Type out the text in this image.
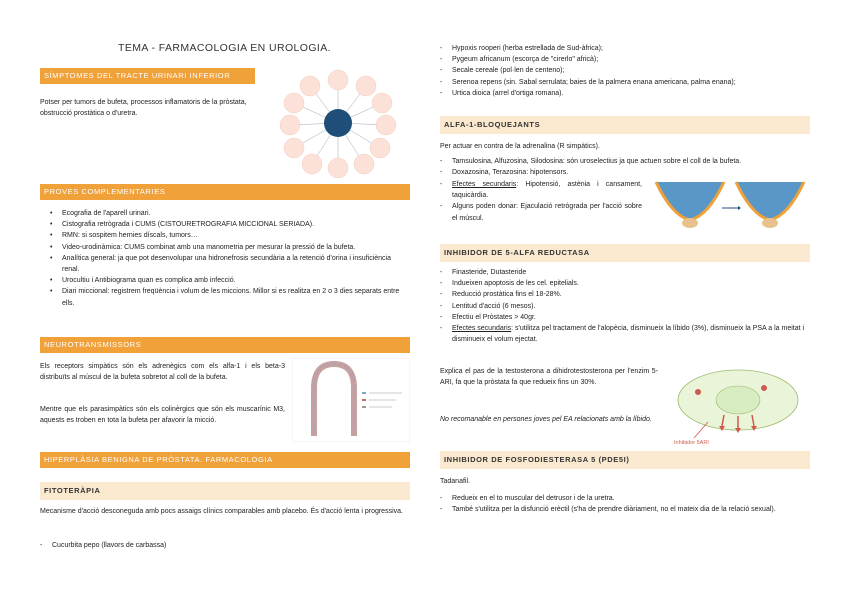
TEMA - FARMACOLOGIA EN UROLOGIA.
SÍMPTOMES DEL TRACTE URINARI INFERIOR
Potser per tumors de bufeta, processos inflamatoris de la pròstata, obstrucció prostàtica o d'uretra.
PROVES COMPLEMENTARIES
• Ecografia de l'aparell urinari.
• Cistografia retrògrada i CUMS (CISTOURETROGRAFIA MICCIONAL SERIADA).
• RMN: si sospitem hernies díscals, tumors…
• Video-urodinàmica: CUMS combinat amb una manometria per mesurar la pressió de la bufeta.
• Analítica general: ja que pot desenvolupar una hidronefrosis secundària a la retenció d'orina i insuficiència renal.
• Urocultiu i Antibiograma quan es complica amb infecció.
• Diari miccional: registrem freqüència i volum de les miccions. Millor si es realitza en 2 o 3 dies separats entre ells.
NEUROTRANSMISSORS
Els receptors simpàtics són els adrenègics com els alfa-1 i els beta-3 distribuïts al múscul de la bufeta sobretot al coll de la bufeta.
Mentre que els parasimpàtics són els colinèrgics que són els muscarínic M3, aquests es troben en tota la bufeta per afavorir la micció.
HIPERPLÀSIA BENIGNA DE PRÒSTATA. FARMACOLOGIA
FITOTERÀPIA
Mecanisme d'acció desconeguda amb pocs assaigs clínics comparables amb placebo. És d'acció lenta i progressiva.
- Cucurbita pepo (llavors de carbassa)
- Hypoxis rooperi (herba estrellada de Sud-àfrica);
- Pygeum africanum (escorça de "cirerlo" africà);
- Secale cereale (pol·len de centeno);
- Serenoa repens (sin. Sabal serrulata; baies de la palmera enana americana, palma enana);
- Urtica dioica (arrel d'ortiga romana).
ALFA-1-BLOQUEJANTS
Per actuar en contra de la adrenalina (R simpàtics).
- Tamsulosina, Alfuzosina, Silodosina: són uroselectius ja que actuen sobre el coll de la bufeta.
- Doxazosina, Terazosina: hipotensors.
- Efectes secundaris: Hipotensió, astènia i cansament, taquicàrdia.
- Alguns poden donar: Ejaculació retrògrada per l'acció sobre el múscul.
INHIBIDOR DE 5-ALFA REDUCTASA
- Finasteride, Dutasteride
- Indueixen apoptosis de les cel. epitelials.
- Reducció prostàtica fins el 18-28%.
- Lentitud d'acció (6 mesos).
- Efectiu el Pròstates > 40gr.
- Efectes secundaris: s'utilitza pel tractament de l'alopècia, disminueix la líbido (3%), disminueix la PSA a la meitat i disminueix el volum ejectat.
Explica el pas de la testosterona a dihidrotestosterona per l'enzim 5-ARI, fa que la pròstata fa que redueix fins un 30%.
No recomanable en persones joves pel EA relacionats amb la líbido.
Inhibidor 5ARI
INHIBIDOR DE FOSFODIESTERASA 5 (PDE5I)
Tadanafil.
- Redueix en el to muscular del detrusor i de la uretra.
- També s'utilitza per la disfunció erèctil (s'ha de prendre diàriament, no el mateix dia de la relació sexual).
